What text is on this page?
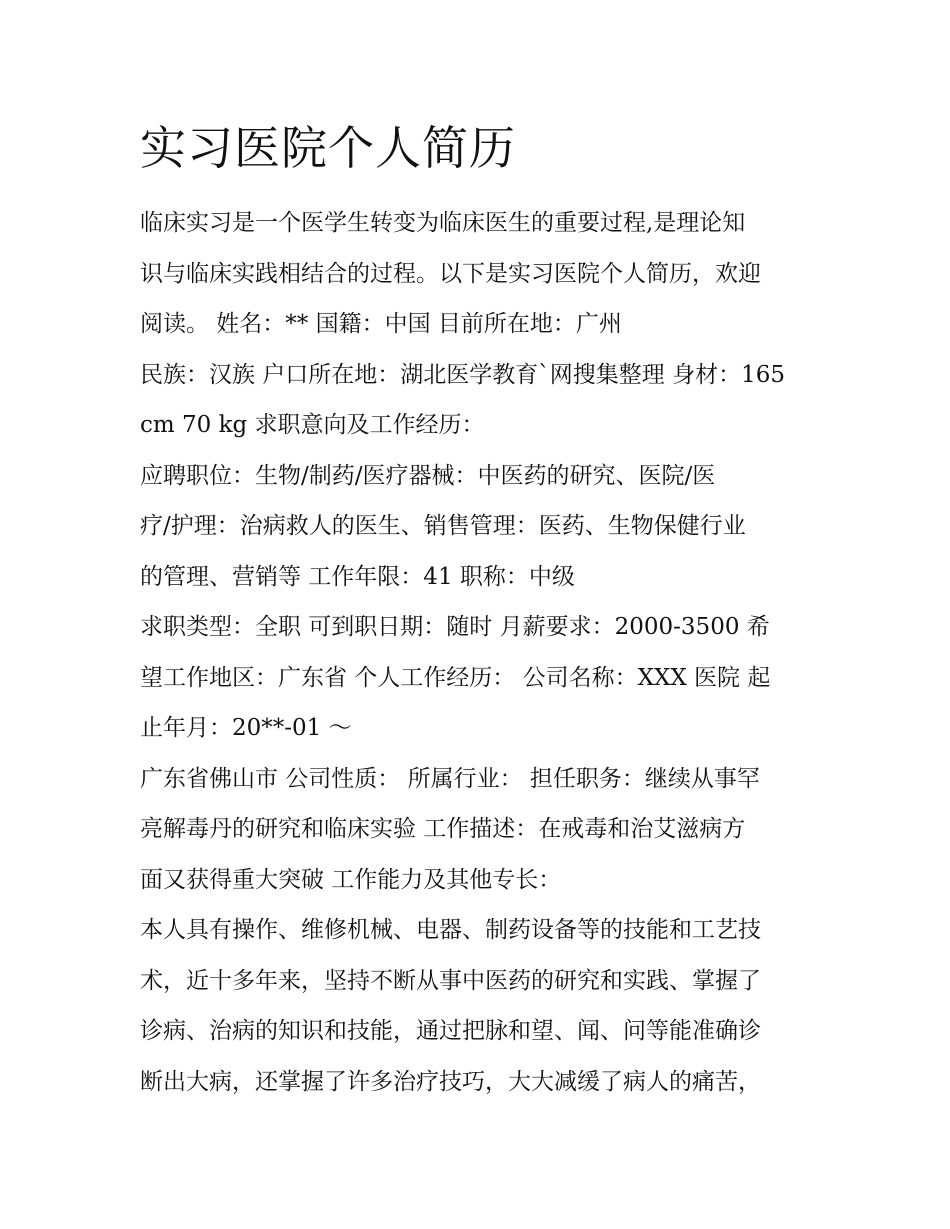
实习医院个人简历
临床实习是一个医学生转变为临床医生的重要过程,是理论知
识与临床实践相结合的过程。以下是实习医院个人简历，欢迎
阅读。 姓名：** 国籍：中国 目前所在地：广州
民族：汉族 户口所在地：湖北医学教育`网搜集整理 身材：165
cm 70 kg 求职意向及工作经历：
应聘职位：生物/制药/医疗器械：中医药的研究、医院/医
疗/护理：治病救人的医生、销售管理：医药、生物保健行业
的管理、营销等 工作年限：41 职称：中级
求职类型：全职 可到职日期：随时 月薪要求：2000-3500 希
望工作地区：广东省 个人工作经历： 公司名称：XXX 医院 起
止年月：20**-01 ～
广东省佛山市 公司性质： 所属行业： 担任职务：继续从事罕
亮解毒丹的研究和临床实验 工作描述：在戒毒和治艾滋病方
面又获得重大突破 工作能力及其他专长：
本人具有操作、维修机械、电器、制药设备等的技能和工艺技
术，近十多年来，坚持不断从事中医药的研究和实践、掌握了
诊病、治病的知识和技能，通过把脉和望、闻、问等能准确诊
断出大病，还掌握了许多治疗技巧，大大减缓了病人的痛苦，
